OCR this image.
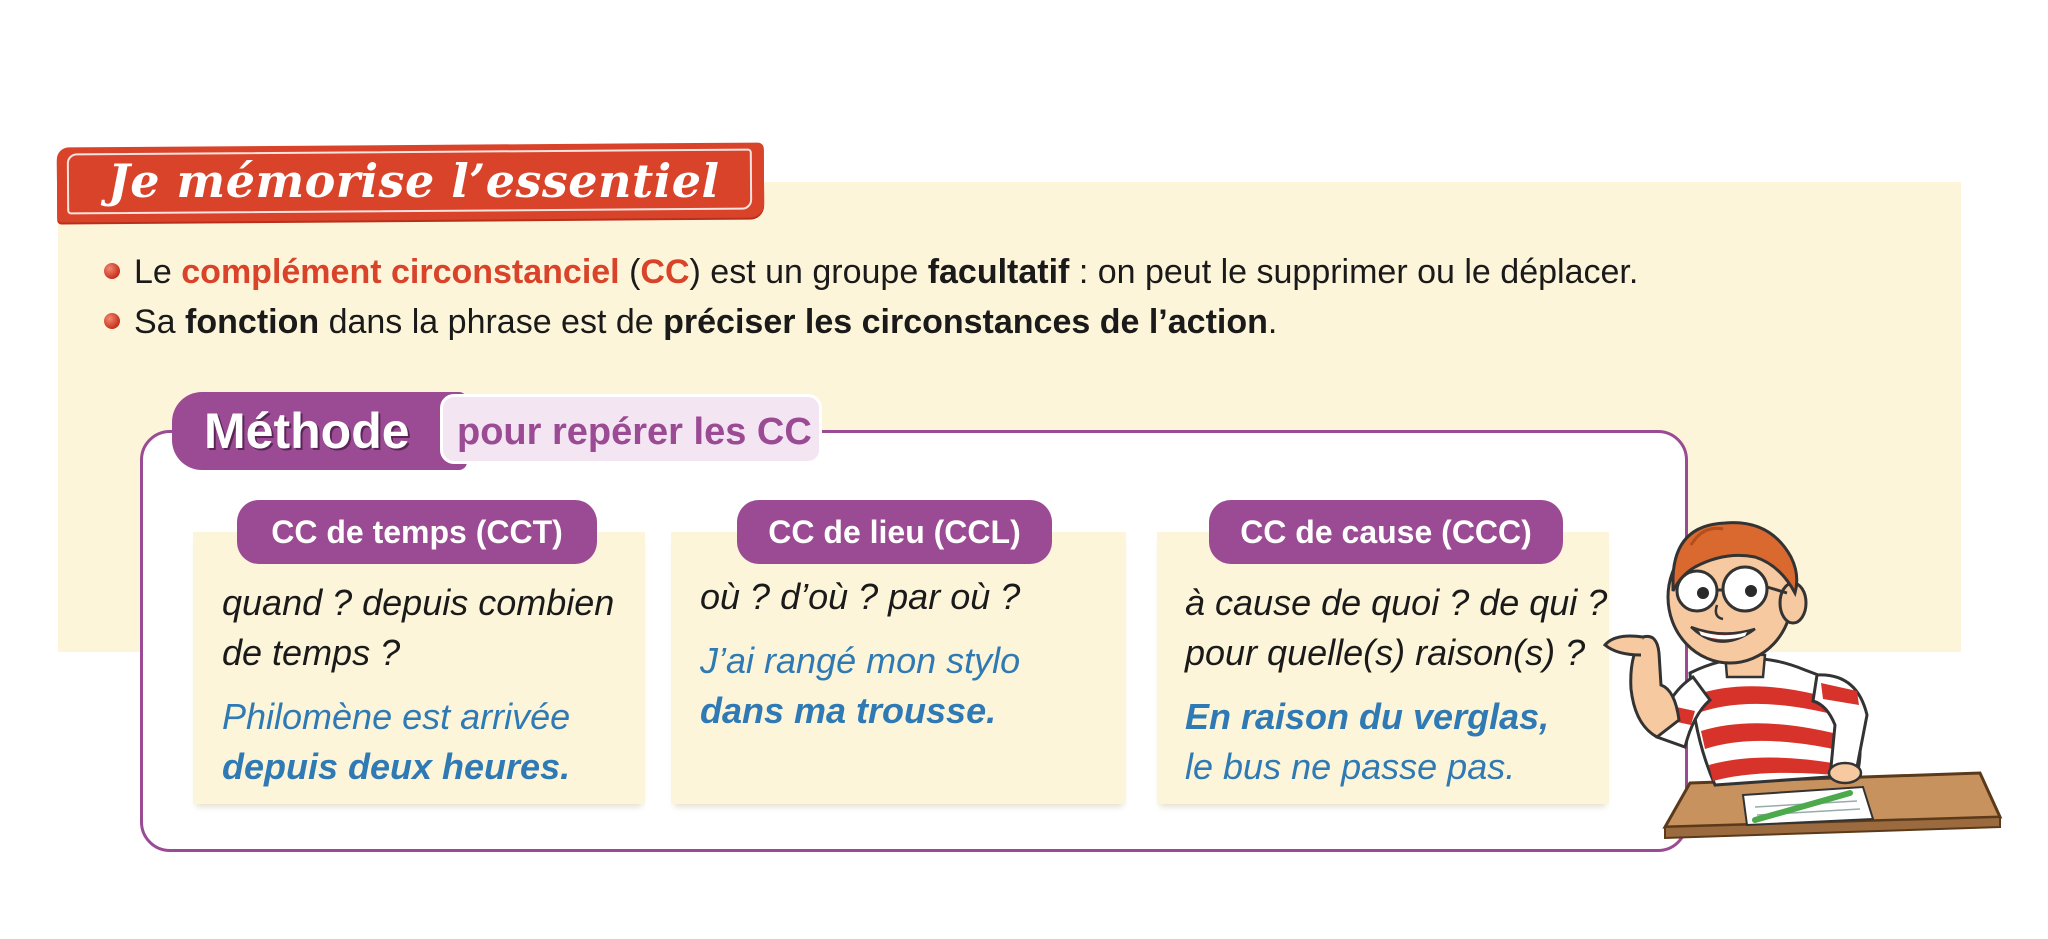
Je mémorise l’essentiel
Le complément circonstanciel (CC) est un groupe facultatif : on peut le supprimer ou le déplacer.
Sa fonction dans la phrase est de préciser les circonstances de l’action.
Méthode	pour repérer les CC
CC de temps (CCT)	CC de lieu (CCL)	CC de cause (CCC)
quand ? depuis combien
de temps ?
Philomène est arrivée
depuis deux heures.
où ? d’où ? par où ?
J’ai rangé mon stylo
dans ma trousse.
à cause de quoi ? de qui ?
pour quelle(s) raison(s) ?
En raison du verglas,
le bus ne passe pas.
